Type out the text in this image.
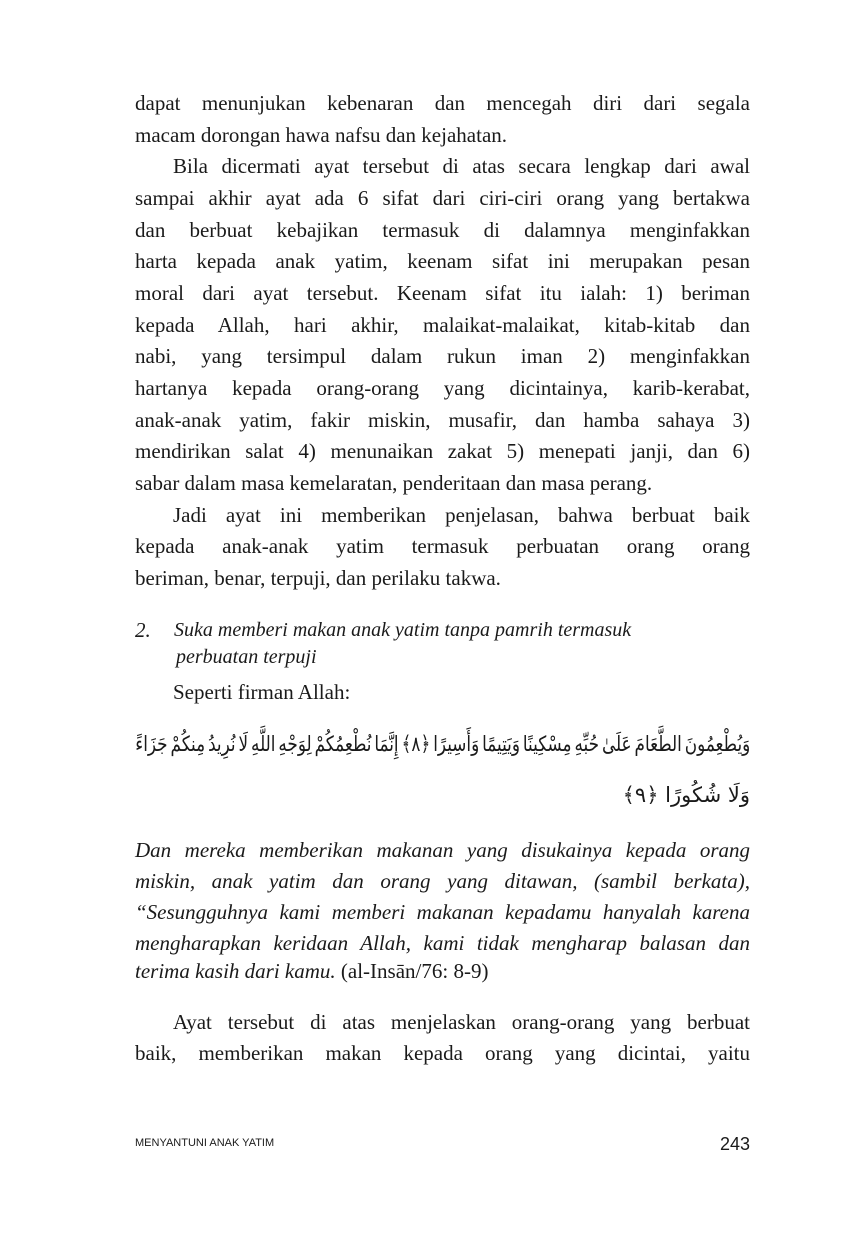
dapat menunjukan kebenaran dan mencegah diri dari segala
macam dorongan hawa nafsu dan kejahatan.
Bila dicermati ayat tersebut di atas secara lengkap dari awal
sampai akhir ayat ada 6 sifat dari ciri-ciri orang yang bertakwa
dan berbuat kebajikan termasuk di dalamnya menginfakkan
harta kepada anak yatim, keenam sifat ini merupakan pesan
moral dari ayat tersebut. Keenam sifat itu ialah: 1) beriman
kepada Allah, hari akhir, malaikat-malaikat, kitab-kitab dan
nabi, yang tersimpul dalam rukun iman 2) menginfakkan
hartanya kepada orang-orang yang dicintainya, karib-kerabat,
anak-anak yatim, fakir miskin, musafir, dan hamba sahaya 3)
mendirikan salat 4) menunaikan zakat 5) menepati janji, dan 6)
sabar dalam masa kemelaratan, penderitaan dan masa perang.
Jadi ayat ini memberikan penjelasan, bahwa berbuat baik
kepada anak-anak yatim termasuk perbuatan orang orang
beriman, benar, terpuji, dan perilaku takwa.
2.	Suka memberi makan anak yatim tanpa pamrih termasuk
perbuatan terpuji
Seperti firman Allah:
وَيُطْعِمُونَ الطَّعَامَ عَلَىٰ حُبِّهِ مِسْكِينًا وَيَتِيمًا وَأَسِيرًا ﴿٨﴾ إِنَّمَا نُطْعِمُكُمْ لِوَجْهِ اللَّهِ لَا نُرِيدُ مِنكُمْ جَزَاءً
وَلَا شُكُورًا ﴿٩﴾
Dan mereka memberikan makanan yang disukainya kepada orang
miskin, anak yatim dan orang yang ditawan, (sambil berkata),
“Sesungguhnya kami memberi makanan kepadamu hanyalah karena
mengharapkan keridaan Allah, kami tidak mengharap balasan dan
terima kasih dari kamu. (al-Insān/76: 8-9)
Ayat tersebut di atas menjelaskan orang-orang yang berbuat
baik, memberikan makan kepada orang yang dicintai, yaitu
MENYANTUNI ANAK YATIM	243
